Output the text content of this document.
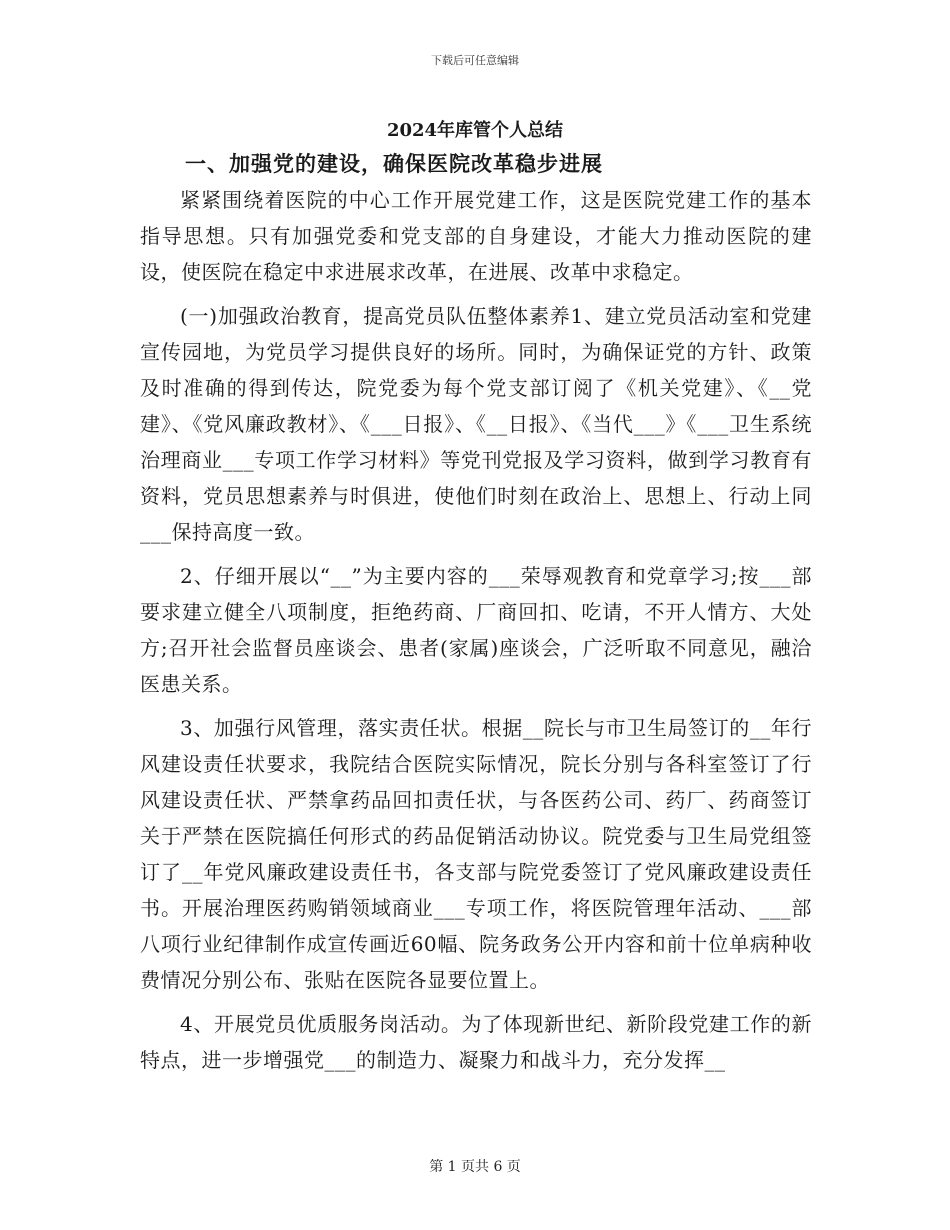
下载后可任意编辑
2024年库管个人总结
一、加强党的建设，确保医院改革稳步进展

紧紧围绕着医院的中心工作开展党建工作，这是医院党建工作的基本指导思想。只有加强党委和党支部的自身建设，才能大力推动医院的建设，使医院在稳定中求进展求改革，在进展、改革中求稳定。

(一)加强政治教育，提高党员队伍整体素养1、建立党员活动室和党建宣传园地，为党员学习提供良好的场所。同时，为确保证党的方针、政策及时准确的得到传达，院党委为每个党支部订阅了《机关党建》、《__党建》、《党风廉政教材》、《___日报》、《__日报》、《当代___》《___卫生系统治理商业___专项工作学习材料》等党刊党报及学习资料，做到学习教育有资料，党员思想素养与时俱进，使他们时刻在政治上、思想上、行动上同___保持高度一致。

2、仔细开展以“__”为主要内容的___荣辱观教育和党章学习;按___部要求建立健全八项制度，拒绝药商、厂商回扣、吃请，不开人情方、大处方;召开社会监督员座谈会、患者(家属)座谈会，广泛听取不同意见，融洽医患关系。

3、加强行风管理，落实责任状。根据__院长与市卫生局签订的__年行风建设责任状要求，我院结合医院实际情况，院长分别与各科室签订了行风建设责任状、严禁拿药品回扣责任状，与各医药公司、药厂、药商签订关于严禁在医院搞任何形式的药品促销活动协议。院党委与卫生局党组签订了__年党风廉政建设责任书，各支部与院党委签订了党风廉政建设责任书。开展治理医药购销领域商业___专项工作，将医院管理年活动、___部八项行业纪律制作成宣传画近60幅、院务政务公开内容和前十位单病种收费情况分别公布、张贴在医院各显要位置上。

4、开展党员优质服务岗活动。为了体现新世纪、新阶段党建工作的新特点，进一步增强党___的制造力、凝聚力和战斗力，充分发挥__

第 1 页共 6 页
